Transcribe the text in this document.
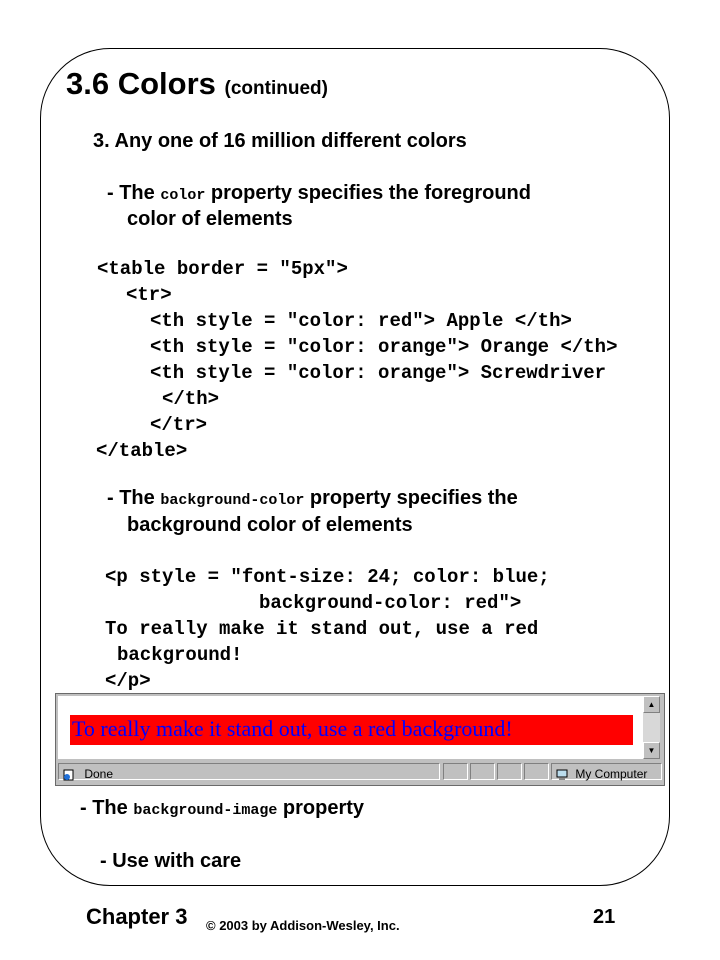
3.6 Colors (continued)
3. Any one of 16 million different colors
- The color property specifies the foreground
color of elements
<table border = "5px">
<tr>
<th style = "color: red"> Apple </th>
<th style = "color: orange"> Orange </th>
<th style = "color: orange"> Screwdriver
</th>
</tr>
</table>
- The background-color property specifies the
background color of elements
<p style = "font-size: 24; color: blue;
background-color: red">
To really make it stand out, use a red
background!
</p>
To really make it stand out, use a red background!
▲
▼
Done	My Computer
- The background-image property
- Use with care
Chapter 3 © 2003 by Addison-Wesley, Inc.	21
